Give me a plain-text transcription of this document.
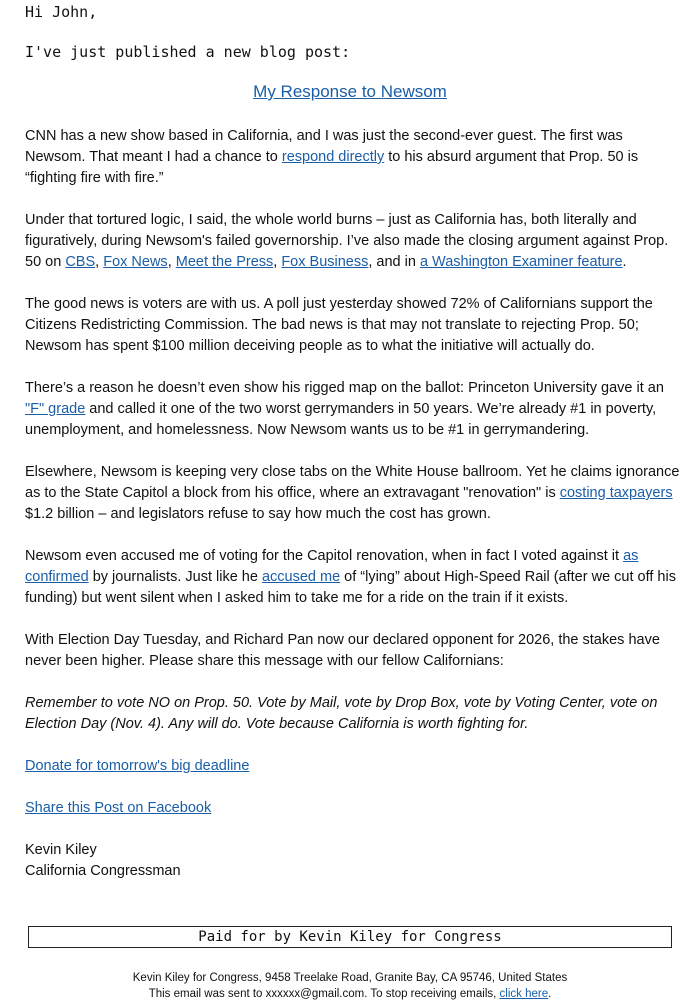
Hi John,
I've just published a new blog post:
My Response to Newsom

CNN has a new show based in California, and I was just the second-ever guest. The first was Newsom. That meant I had a chance to respond directly to his absurd argument that Prop. 50 is “fighting fire with fire.”

Under that tortured logic, I said, the whole world burns – just as California has, both literally and figuratively, during Newsom's failed governorship. I’ve also made the closing argument against Prop. 50 on CBS, Fox News, Meet the Press, Fox Business, and in a Washington Examiner feature.

The good news is voters are with us. A poll just yesterday showed 72% of Californians support the Citizens Redistricting Commission. The bad news is that may not translate to rejecting Prop. 50; Newsom has spent $100 million deceiving people as to what the initiative will actually do.

There’s a reason he doesn’t even show his rigged map on the ballot: Princeton University gave it an "F" grade and called it one of the two worst gerrymanders in 50 years. We’re already #1 in poverty, unemployment, and homelessness. Now Newsom wants us to be #1 in gerrymandering.

Elsewhere, Newsom is keeping very close tabs on the White House ballroom. Yet he claims ignorance as to the State Capitol a block from his office, where an extravagant "renovation" is costing taxpayers $1.2 billion – and legislators refuse to say how much the cost has grown.

Newsom even accused me of voting for the Capitol renovation, when in fact I voted against it as confirmed by journalists. Just like he accused me of “lying” about High-Speed Rail (after we cut off his funding) but went silent when I asked him to take me for a ride on the train if it exists.

With Election Day Tuesday, and Richard Pan now our declared opponent for 2026, the stakes have never been higher. Please share this message with our fellow Californians:

Remember to vote NO on Prop. 50. Vote by Mail, vote by Drop Box, vote by Voting Center, vote on Election Day (Nov. 4). Any will do. Vote because California is worth fighting for.

Donate for tomorrow's big deadline

Share this Post on Facebook

Kevin Kiley
California Congressman
Paid for by Kevin Kiley for Congress
Kevin Kiley for Congress, 9458 Treelake Road, Granite Bay, CA 95746, United States
This email was sent to xxxxxx@gmail.com. To stop receiving emails, click here.
